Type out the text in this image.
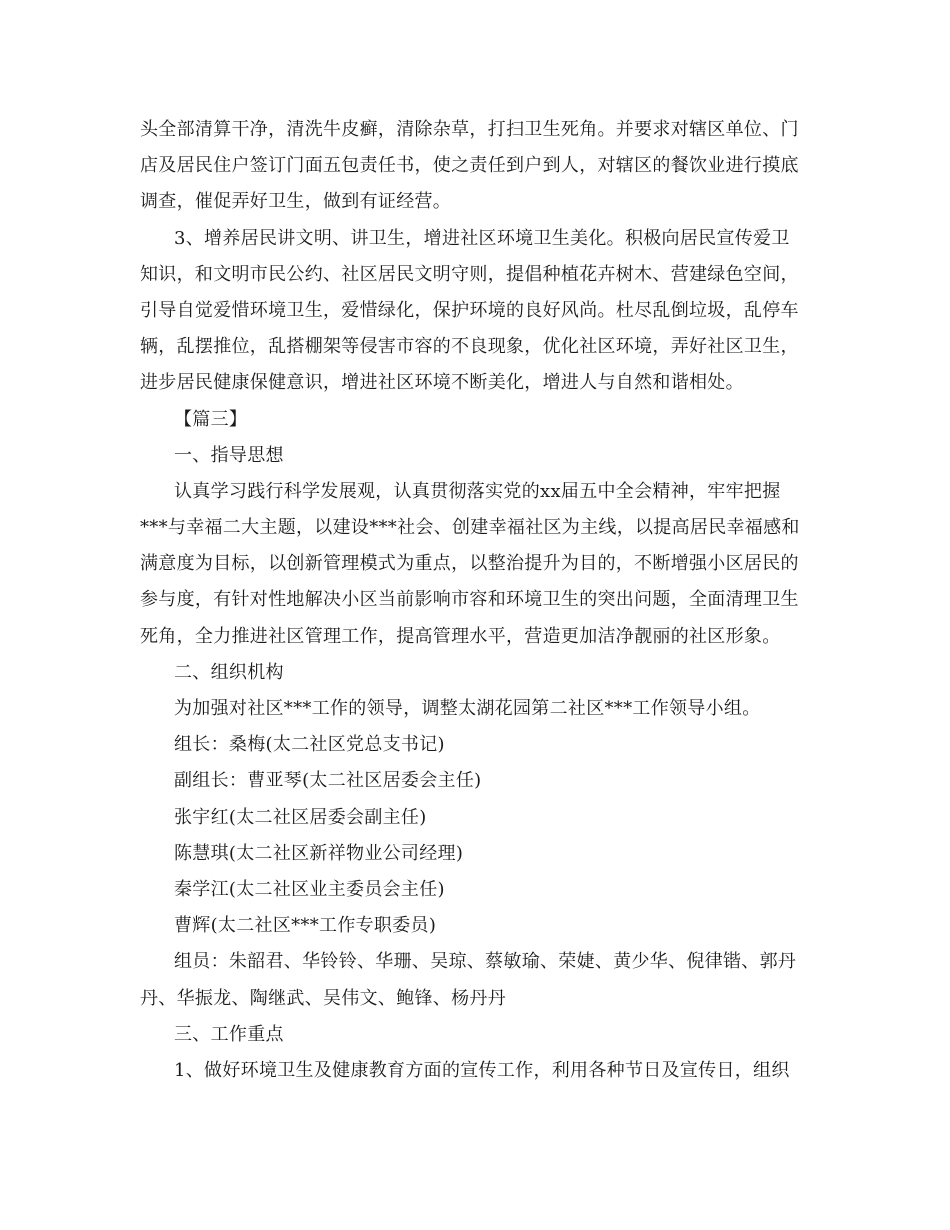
头全部清算干净，清洗牛皮癣，清除杂草，打扫卫生死角。并要求对辖区单位、门
店及居民住户签订门面五包责任书，使之责任到户到人，对辖区的餐饮业进行摸底
调查，催促弄好卫生，做到有证经营。
3、增养居民讲文明、讲卫生，增进社区环境卫生美化。积极向居民宣传爱卫
知识，和文明市民公约、社区居民文明守则，提倡种植花卉树木、营建绿色空间，
引导自觉爱惜环境卫生，爱惜绿化，保护环境的良好风尚。杜尽乱倒垃圾，乱停车
辆，乱摆推位，乱搭棚架等侵害市容的不良现象，优化社区环境，弄好社区卫生，
进步居民健康保健意识，增进社区环境不断美化，增进人与自然和谐相处。
【篇三】
一、指导思想
认真学习践行科学发展观，认真贯彻落实党的xx届五中全会精神，牢牢把握
***与幸福二大主题，以建设***社会、创建幸福社区为主线，以提高居民幸福感和
满意度为目标，以创新管理模式为重点，以整治提升为目的，不断增强小区居民的
参与度，有针对性地解决小区当前影响市容和环境卫生的突出问题，全面清理卫生
死角，全力推进社区管理工作，提高管理水平，营造更加洁净靓丽的社区形象。
二、组织机构
为加强对社区***工作的领导，调整太湖花园第二社区***工作领导小组。
组长：桑梅(太二社区党总支书记)
副组长：曹亚琴(太二社区居委会主任)
张宇红(太二社区居委会副主任)
陈慧琪(太二社区新祥物业公司经理)
秦学江(太二社区业主委员会主任)
曹辉(太二社区***工作专职委员)
组员：朱韶君、华铃铃、华珊、吴琼、蔡敏瑜、荣婕、黄少华、倪律锴、郭丹
丹、华振龙、陶继武、吴伟文、鲍锋、杨丹丹
三、工作重点
1、做好环境卫生及健康教育方面的宣传工作，利用各种节日及宣传日，组织
